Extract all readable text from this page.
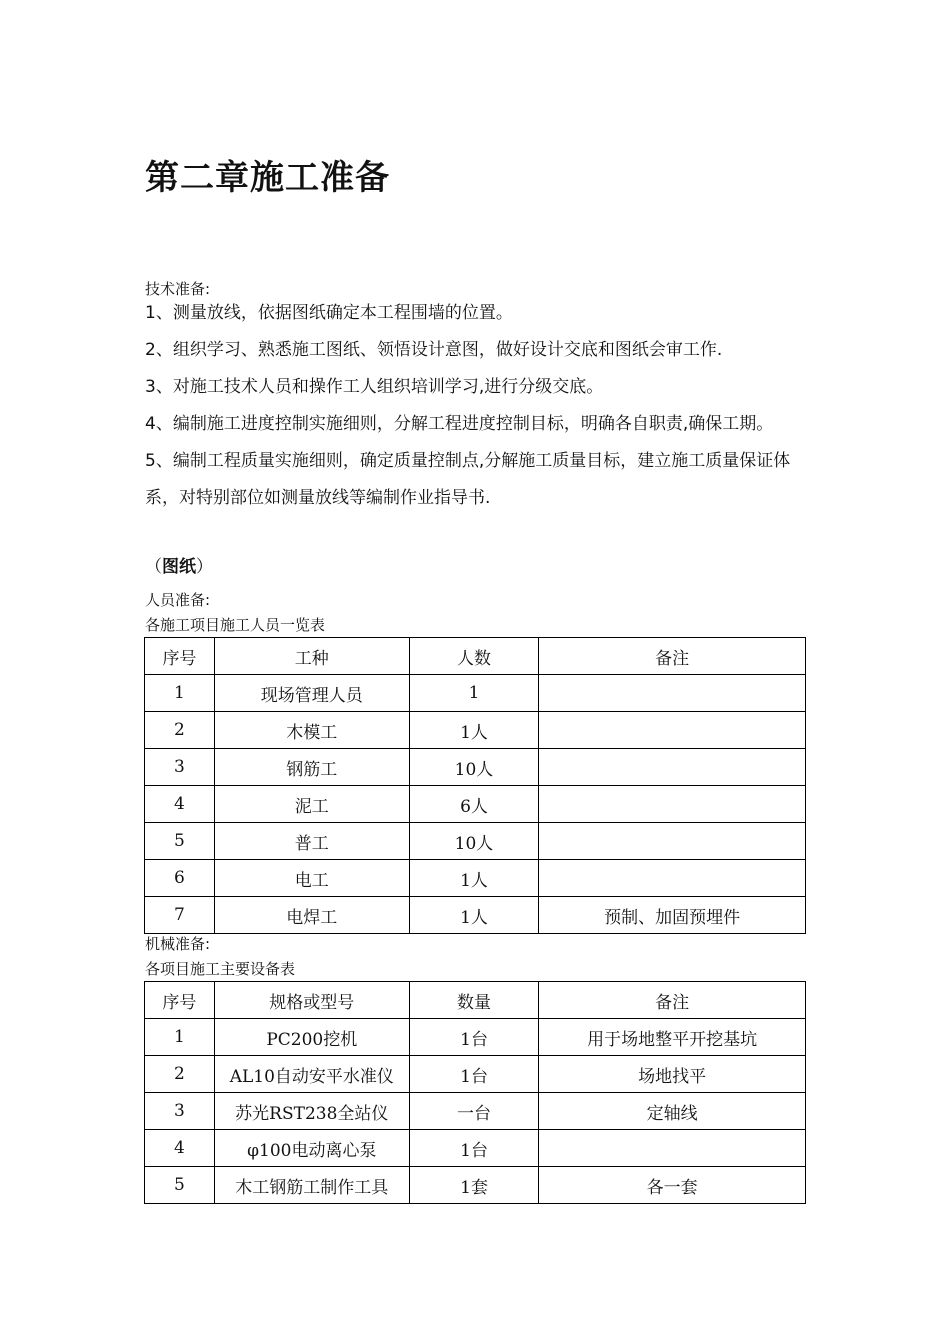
第二章施工准备
技术准备:

1、测量放线，依据图纸确定本工程围墙的位置。

2、组织学习、熟悉施工图纸、领悟设计意图，做好设计交底和图纸会审工作.

3、对施工技术人员和操作工人组织培训学习,进行分级交底。

4、编制施工进度控制实施细则，分解工程进度控制目标，明确各自职责,确保工期。

5、编制工程质量实施细则，确定质量控制点,分解施工质量目标，建立施工质量保证体系，对特别部位如测量放线等编制作业指导书.

（图纸）
人员准备:
各施工项目施工人员一览表
序号	工种	人数	备注
1	现场管理人员	1	
2	木模工	1人	
3	钢筋工	10人	
4	泥工	6人	
5	普工	10人	
6	电工	1人	
7	电焊工	1人	预制、加固预埋件
机械准备:
各项目施工主要设备表
序号	规格或型号	数量	备注
1	PC200挖机	1台	用于场地整平开挖基坑
2	AL10自动安平水准仪	1台	场地找平
3	苏光RST238全站仪	一台	定轴线
4	φ100电动离心泵	1台	
5	木工钢筋工制作工具	1套	各一套
